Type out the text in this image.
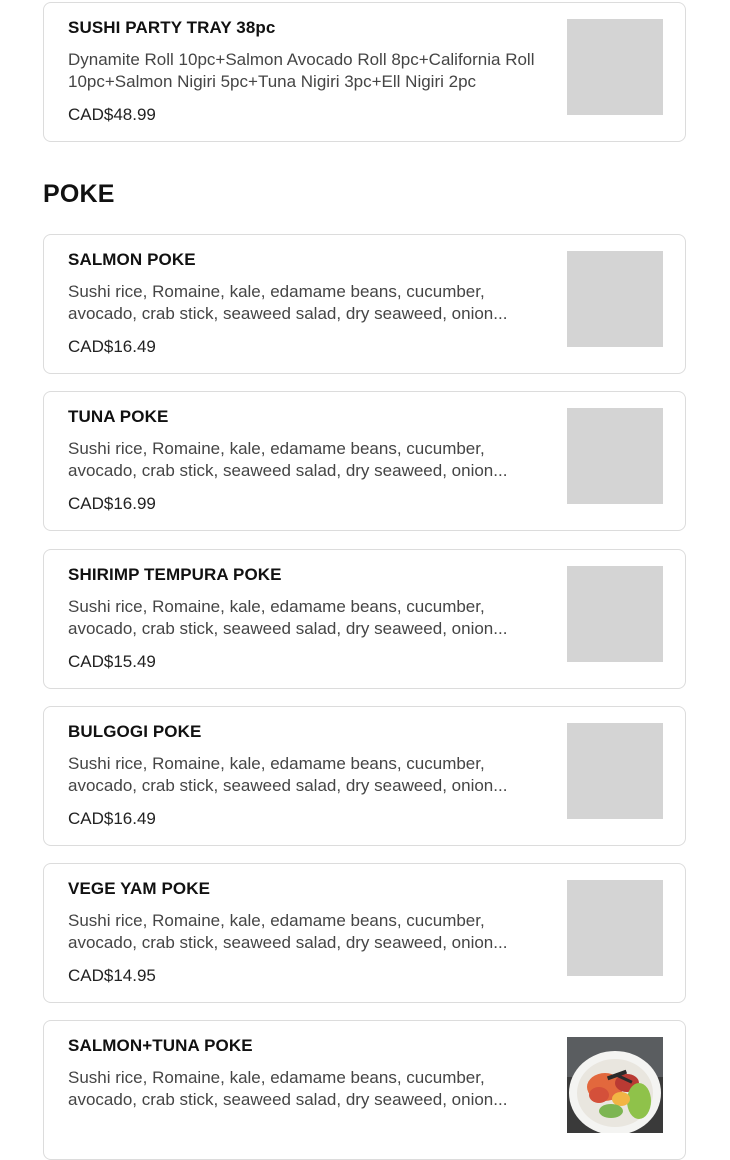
SUSHI PARTY TRAY 38pc
Dynamite Roll 10pc+Salmon Avocado Roll 8pc+California Roll 10pc+Salmon Nigiri 5pc+Tuna Nigiri 3pc+Ell Nigiri 2pc
CAD$48.99
POKE
SALMON POKE
Sushi rice, Romaine, kale, edamame beans, cucumber, avocado, crab stick, seaweed salad, dry seaweed, onion...
CAD$16.49
TUNA POKE
Sushi rice, Romaine, kale, edamame beans, cucumber, avocado, crab stick, seaweed salad, dry seaweed, onion...
CAD$16.99
SHIRIMP TEMPURA POKE
Sushi rice, Romaine, kale, edamame beans, cucumber, avocado, crab stick, seaweed salad, dry seaweed, onion...
CAD$15.49
BULGOGI POKE
Sushi rice, Romaine, kale, edamame beans, cucumber, avocado, crab stick, seaweed salad, dry seaweed, onion...
CAD$16.49
VEGE YAM POKE
Sushi rice, Romaine, kale, edamame beans, cucumber, avocado, crab stick, seaweed salad, dry seaweed, onion...
CAD$14.95
SALMON+TUNA POKE
Sushi rice, Romaine, kale, edamame beans, cucumber, avocado, crab stick, seaweed salad, dry seaweed, onion...
